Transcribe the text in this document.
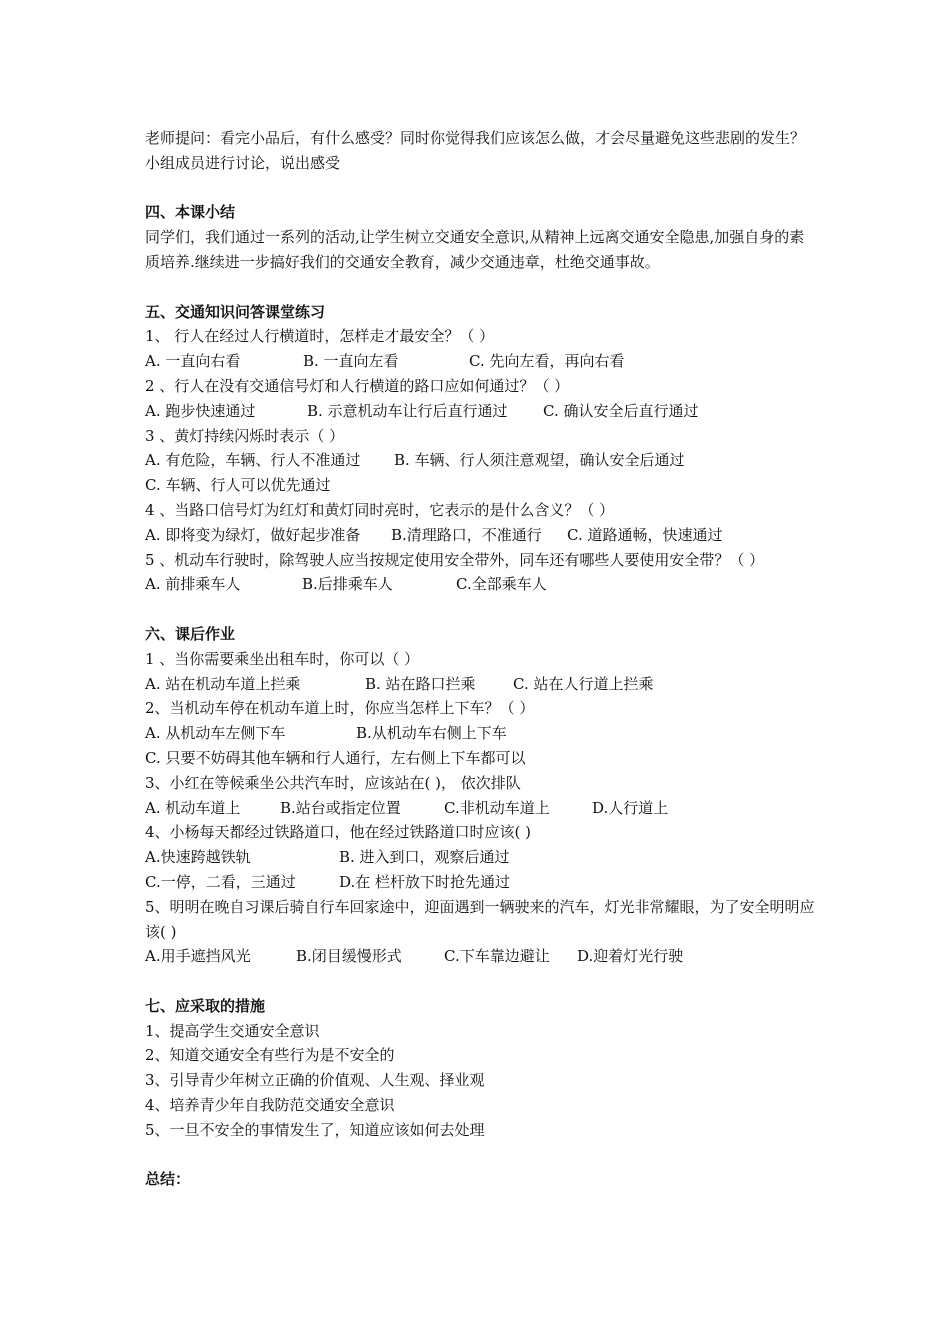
老师提问：看完小品后，有什么感受？同时你觉得我们应该怎么做，才会尽量避免这些悲剧的发生？小组成员进行讨论，说出感受
四、本课小结
同学们，我们通过一系列的活动,让学生树立交通安全意识,从精神上远离交通安全隐患,加强自身的素质培养.继续进一步搞好我们的交通安全教育，减少交通违章，杜绝交通事故。
五、交通知识问答课堂练习
1、 行人在经过人行横道时，怎样走才最安全？（ ）
A. 一直向右看	B. 一直向左看	C. 先向左看，再向右看
2 、行人在没有交通信号灯和人行横道的路口应如何通过？（ ）
A. 跑步快速通过	B. 示意机动车让行后直行通过	C. 确认安全后直行通过
3 、黄灯持续闪烁时表示（ ）
A. 有危险，车辆、行人不准通过	B. 车辆、行人须注意观望，确认安全后通过
C. 车辆、行人可以优先通过
4 、当路口信号灯为红灯和黄灯同时亮时，它表示的是什么含义？（ ）
A. 即将变为绿灯，做好起步准备	B.清理路口，不准通行	C. 道路通畅，快速通过
5 、机动车行驶时，除驾驶人应当按规定使用安全带外，同车还有哪些人要使用安全带？（ ）
A. 前排乘车人	B.后排乘车人	C.全部乘车人
六、课后作业
1 、当你需要乘坐出租车时，你可以（ ）
A. 站在机动车道上拦乘	B. 站在路口拦乘	C. 站在人行道上拦乘
2、当机动车停在机动车道上时，你应当怎样上下车？（ ）
A. 从机动车左侧下车	B.从机动车右侧上下车
C. 只要不妨碍其他车辆和行人通行，左右侧上下车都可以
3、小红在等候乘坐公共汽车时，应该站在( )， 依次排队
A. 机动车道上	B.站台或指定位置	C.非机动车道上	D.人行道上
4、小杨每天都经过铁路道口，他在经过铁路道口时应该( )
A.快速跨越铁轨	B. 进入到口，观察后通过
C.一停，二看，三通过	D.在 栏杆放下时抢先通过
5、明明在晚自习课后骑自行车回家途中，迎面遇到一辆驶来的汽车，灯光非常耀眼，为了安全明明应该( )
A.用手遮挡风光	B.闭目缓慢形式	C.下车靠边避让	D.迎着灯光行驶
七、应采取的措施
1、提高学生交通安全意识
2、知道交通安全有些行为是不安全的
3、引导青少年树立正确的价值观、人生观、择业观
4、培养青少年自我防范交通安全意识
5、一旦不安全的事情发生了，知道应该如何去处理
总结：
